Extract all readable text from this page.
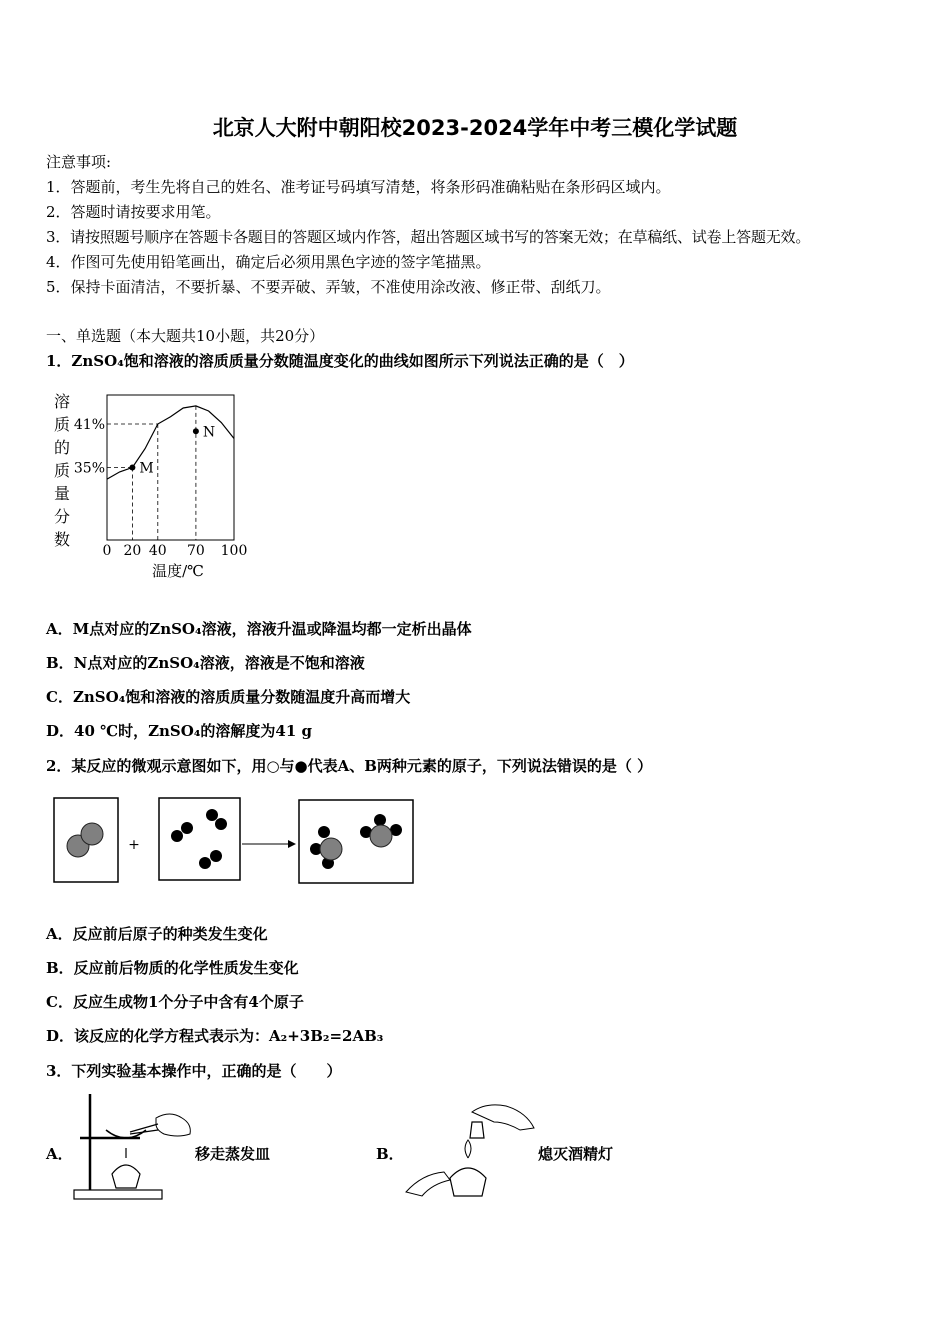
北京人大附中朝阳校2023-2024学年中考三模化学试题
注意事项:
1．答题前，考生先将自己的姓名、准考证号码填写清楚，将条形码准确粘贴在条形码区域内。
2．答题时请按要求用笔。
3．请按照题号顺序在答题卡各题目的答题区域内作答，超出答题区域书写的答案无效；在草稿纸、试卷上答题无效。
4．作图可先使用铅笔画出，确定后必须用黑色字迹的签字笔描黑。
5．保持卡面清洁，不要折暴、不要弄破、弄皱，不准使用涂改液、修正带、刮纸刀。
一、单选题（本大题共10小题，共20分）
1．ZnSO₄饱和溶液的溶质质量分数随温度变化的曲线如图所示下列说法正确的是（　）
溶
质
的
质
量
分
数
M
N
41%
35%
0 20 40 70 100
温度/℃
A．M点对应的ZnSO₄溶液，溶液升温或降温均都一定析出晶体
B．N点对应的ZnSO₄溶液，溶液是不饱和溶液
C．ZnSO₄饱和溶液的溶质质量分数随温度升高而增大
D．40 ℃时，ZnSO₄的溶解度为41 g
2．某反应的微观示意图如下，用○与●代表A、B两种元素的原子，下列说法错误的是（ ）
+
A．反应前后原子的种类发生变化
B．反应前后物质的化学性质发生变化
C．反应生成物1个分子中含有4个原子
D．该反应的化学方程式表示为：A₂+3B₂=2AB₃
3．下列实验基本操作中，正确的是（　　）
A．	移走蒸发皿	B．	熄灭酒精灯
